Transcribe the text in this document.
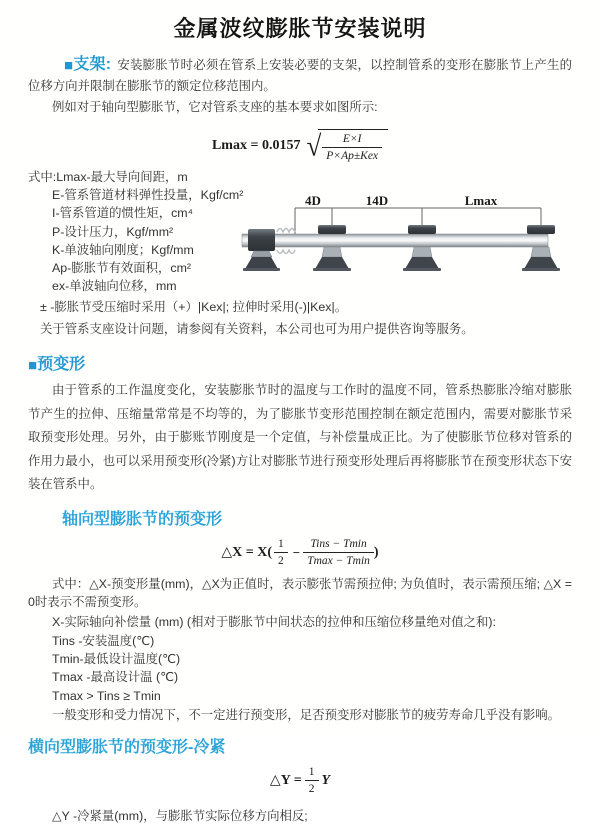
金属波纹膨胀节安装说明

■支架: 安装膨胀节时必须在管系上安装必要的支架，以控制管系的变形在膨胀节上产生的位移方向并限制在膨胀节的额定位移范围内。

例如对于轴向型膨胀节，它对管系支座的基本要求如图所示:

Lmax = 0.0157 √ $\frac{E\times I}{\text{P×Ap±Kex}}$
式中:Lmax-最大导向间距，m
E-管系管道材料弹性投量，Kgf/cm²
I-管系管道的惯性矩，cm⁴
P-设计压力，Kgf/mm²
K-单波轴向刚度；Kgf/mm
Ap-膨胀节有效面积，cm²
ex-单波轴向位移，mm
4D	14D	Lmax

± -膨胀节受压缩时采用（+）|Kex|; 拉伸时采用(-)|Kex|。

关于管系支座设计问题，请参阅有关资料，本公司也可为用户提供咨询等服务。

■预变形

由于管系的工作温度变化，安装膨胀节时的温度与工作时的温度不同，管系热膨胀冷缩对膨胀节产生的拉伸、压缩量常常是不均等的，为了膨胀节变形范围控制在额定范围内，需要对膨胀节采取预变形处理。另外，由于膨账节刚度是一个定值，与补偿量成正比。为了使膨胀节位移对管系的作用力最小，也可以采用预变形(冷紧)方让对膨胀节进行预变形处理后再将膨胀节在预变形状态下安装在管系中。

轴向型膨胀节的预变形
△X = $X( \frac{1}{2} - \frac{\text{Tins − Tmin}}{Tmax - Tmin}$ )

式中：△X-预变形量(mm)，△X为正值时，表示膨张节需预拉伸; 为负值时，表示需预压缩; △X = 0时表示不需预变形。

X-实际轴向补偿量 (mm) (相对于膨胀节中间状态的拉伸和压缩位移量绝对值之和):

Tins -安装温度(℃)
Tmin-最低设计温度(℃)
Tmax -最高设计温 (℃)
Tmax > Tins ≥ Tmin

一般变形和受力情况下，不一定进行预变形，足否预变形对膨胀节的疲劳寿命几乎没有影响。

横向型膨胀节的预变形-冷紧
△Y = $\frac{1}{2}$ Y

△Y -冷紧量(mm)，与膨胀节实际位移方向相反;
